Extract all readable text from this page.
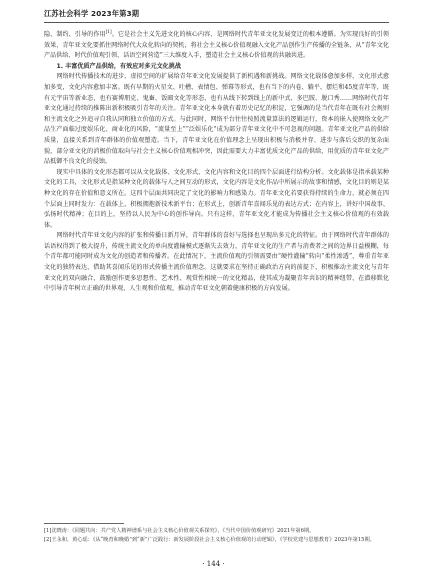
江苏社会科学 2023年第3期

隐、制约、引导的作用[1]。它是社会主义先进文化的核心内容，是网络时代青年亚文化发展变迁的根本遵循。为实现良好的引领效果，青年亚文化要抓住网络时代大众化转向的契机，将社会主义核心价值观融入文化产品创作生产传播的全链条，从“青年文化产品供给、时代价值观引领、话语空间营造”三大维度入手，塑造社会主义核心价值观的共融共进。

1. 丰富优质产品供给，有效应对多元文化挑战

网络时代传播技术的进步、虚拟空间的扩展给青年亚文化发展提供了新机遇和新挑战。网络文化载体愈加多样，文化形式愈加多变，文化内容愈加丰富。既有早期的火星文、吐槽、表情包、弹幕等形式，也有当下的内卷、躺平、摆烂和45度青年等，既有元宇宙等新业态，也有赛博朋克、鬼畜、饭圈文化等形态，也有从线下转到线上的新中式、多巴胺、脱口秀……网络时代青年亚文化通过持续的推陈出新积极吸引青年的关注。青年亚文化本身就有着历史记忆的积淀，它强调的是当代青年在既有社会规则和主流文化之外追寻自我认同和独立价值的方式。与此同时，网络平台往往按照流量算法的逻辑运行，资本的嵌入使网络文化产品生产面临过度娱乐化、商业化的风险，“流量至上”“泛娱乐化”成为部分青年亚文化中不可忽视的问题。青年亚文化产品的供给质量，直接关系到青年群体的价值观塑造。当下，青年亚文化在价值理念上呈现出积极与消极并存、进步与落后交织的复杂面貌，部分亚文化的消极价值取向与社会主义核心价值观相冲突，因此需要大力丰富优质文化产品的供给，用优质的青年亚文化产品抵御不良文化的侵蚀。

现实中具体的文化形态都可以从文化载体、文化形式、文化内容和文化目的四个层面进行结构分析。文化载体是指承载某种文化的工具，文化形式是指某种文化的载体与人之间互动的形式，文化内容是文化作品中所展示的故事和情感，文化目的则是某种文化的存在价值和意义所在。这四个层面共同决定了文化的影响力和感染力。青年亚文化若要获得持续的生命力，就必须在四个层面上同时发力：在载体上，积极拥抱新技术新平台；在形式上，创新青年喜闻乐见的表达方式；在内容上，讲好中国故事、弘扬时代精神；在目的上，坚持以人民为中心的创作导向。只有这样，青年亚文化才能成为传播社会主义核心价值观的有效载体。

网络时代青年亚文化内容的扩张和传播日新月异，青年群体的喜好与选择也呈现出多元化的特征。由于网络时代青年群体的话语权得到了极大提升，传统主流文化的单向度灌输模式逐渐失去效力，青年亚文化的生产者与消费者之间的边界日益模糊，每个青年都可能同时成为文化的创造者和传播者。在此情况下，主流价值观的引领需要由“硬性灌输”转向“柔性渗透”，尊重青年亚文化的独特表达，借助其喜闻乐见的形式传播主流价值理念。这就要求在坚持正确政治方向的前提下，积极推动主流文化与青年亚文化的双向融合，鼓励创作更多思想性、艺术性、观赏性相统一的文化精品，使其成为凝聚青年共识的精神纽带，在潜移默化中引导青年树立正确的世界观、人生观和价值观，推动青年亚文化朝着健康积极的方向发展。

[1]沈晓涛：《同题共向：共产党人精神谱系与社会主义核心价值观关系探究》，《当代中国价值观研究》2021年第6期。

[2]王永和、黄心瑶：《从“晚育和晚婚”到“新”广泛践行：新发展阶段社会主义核心价值观的行动逻辑》，《学校党建与思想教育》2023年第15期。

· 144 ·
